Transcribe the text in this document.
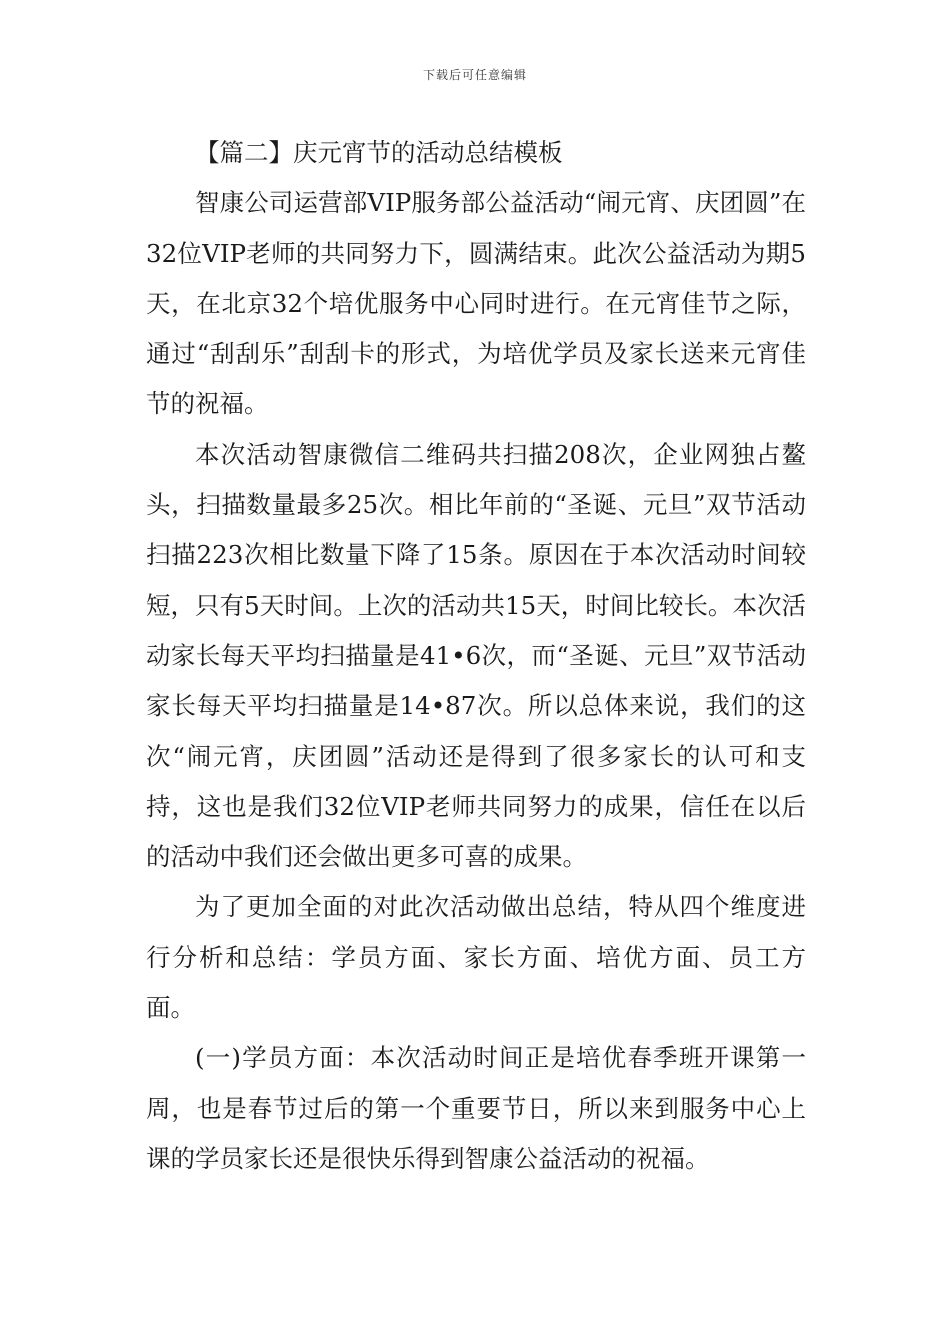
下载后可任意编辑

【篇二】庆元宵节的活动总结模板

智康公司运营部VIP服务部公益活动“闹元宵、庆团圆”在32位VIP老师的共同努力下，圆满结束。此次公益活动为期5天，在北京32个培优服务中心同时进行。在元宵佳节之际，通过“刮刮乐”刮刮卡的形式，为培优学员及家长送来元宵佳节的祝福。

本次活动智康微信二维码共扫描208次，企业网独占鳌头，扫描数量最多25次。相比年前的“圣诞、元旦”双节活动扫描223次相比数量下降了15条。原因在于本次活动时间较短，只有5天时间。上次的活动共15天，时间比较长。本次活动家长每天平均扫描量是41•6次，而“圣诞、元旦”双节活动家长每天平均扫描量是14•87次。所以总体来说，我们的这次“闹元宵，庆团圆”活动还是得到了很多家长的认可和支持，这也是我们32位VIP老师共同努力的成果，信任在以后的活动中我们还会做出更多可喜的成果。

为了更加全面的对此次活动做出总结，特从四个维度进行分析和总结：学员方面、家长方面、培优方面、员工方面。

(一)学员方面：本次活动时间正是培优春季班开课第一周，也是春节过后的第一个重要节日，所以来到服务中心上课的学员家长还是很快乐得到智康公益活动的祝福。
